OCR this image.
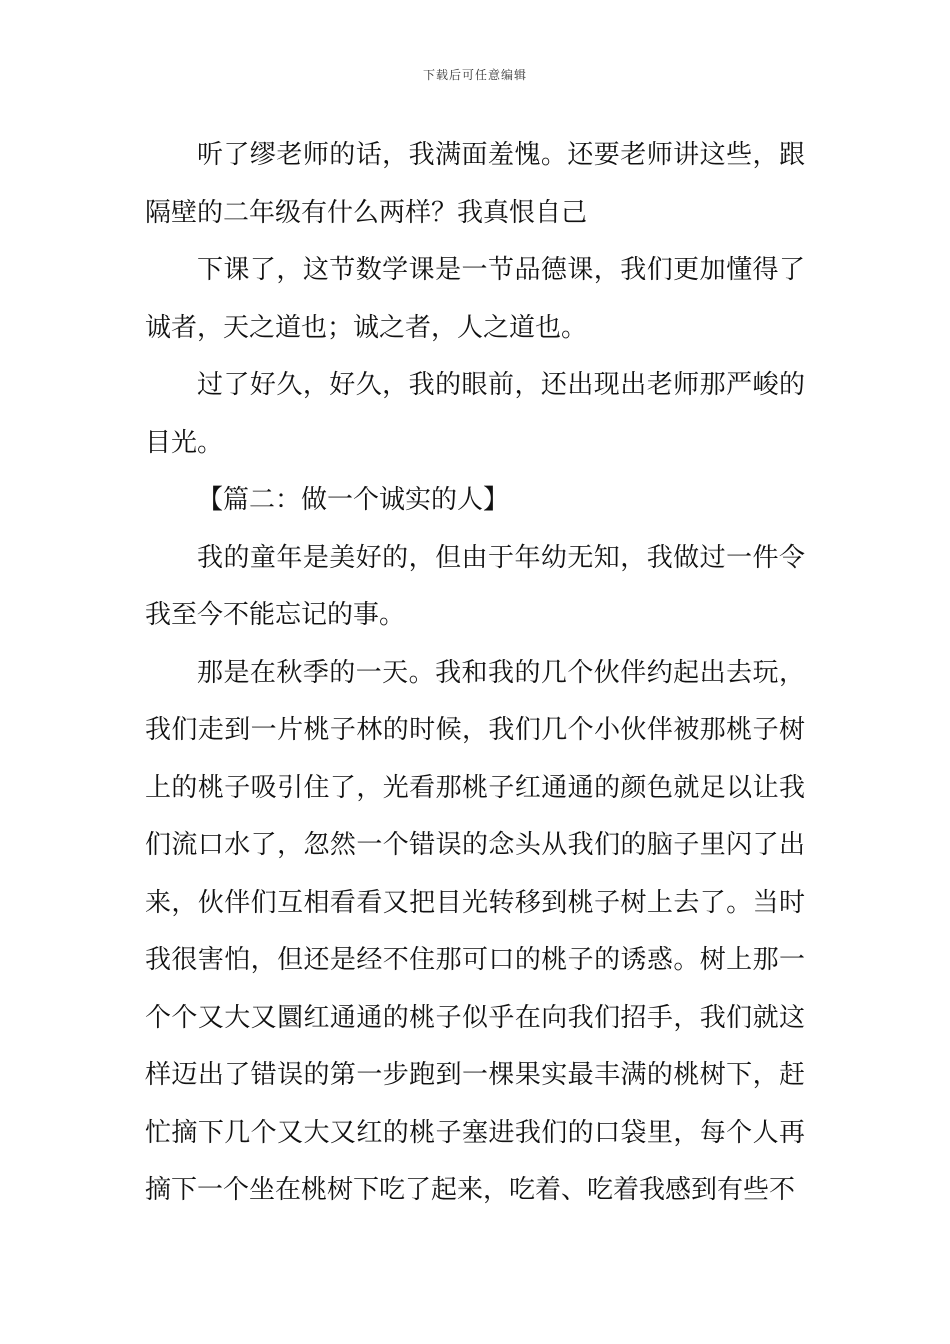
下载后可任意编辑

听了缪老师的话，我满面羞愧。还要老师讲这些，跟隔壁的二年级有什么两样？我真恨自己

下课了，这节数学课是一节品德课，我们更加懂得了诚者，天之道也；诚之者，人之道也。

过了好久，好久，我的眼前，还出现出老师那严峻的目光。

【篇二：做一个诚实的人】

我的童年是美好的，但由于年幼无知，我做过一件令我至今不能忘记的事。

那是在秋季的一天。我和我的几个伙伴约起出去玩，我们走到一片桃子林的时候，我们几个小伙伴被那桃子树上的桃子吸引住了，光看那桃子红通通的颜色就足以让我们流口水了，忽然一个错误的念头从我们的脑子里闪了出来，伙伴们互相看看又把目光转移到桃子树上去了。当时我很害怕，但还是经不住那可口的桃子的诱惑。树上那一个个又大又圜红通通的桃子似乎在向我们招手，我们就这样迈出了错误的第一步跑到一棵果实最丰满的桃树下，赶忙摘下几个又大又红的桃子塞进我们的口袋里，每个人再摘下一个坐在桃树下吃了起来，吃着、吃着我感到有些不
